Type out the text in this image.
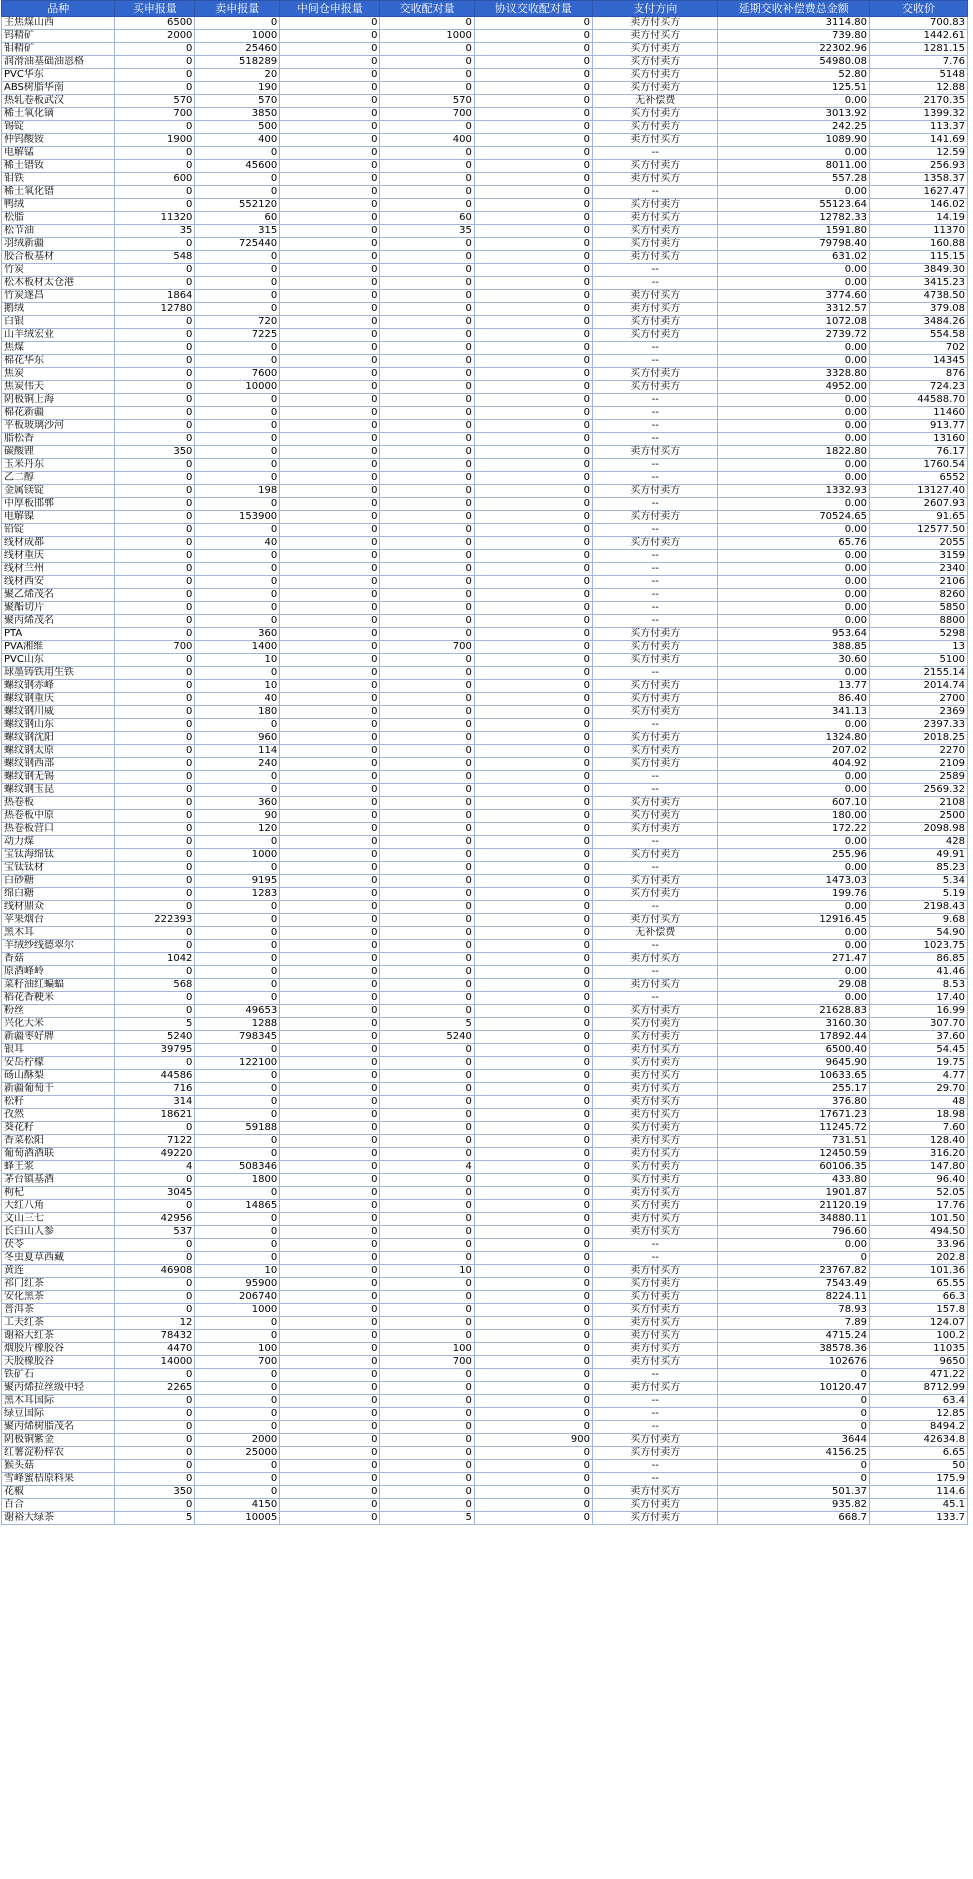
品种	买申报量	卖申报量	中间仓申报量	交收配对量	协议交收配对量	支付方向	延期交收补偿费总金额	交收价
主焦煤山西	6500	0	0	0	0	卖方付买方	3114.80	700.83
钨精矿	2000	1000	0	1000	0	卖方付买方	739.80	1442.61
钼精矿	0	25460	0	0	0	买方付卖方	22302.96	1281.15
润滑油基础油恩格	0	518289	0	0	0	买方付卖方	54980.08	7.76
PVC华东	0	20	0	0	0	买方付卖方	52.80	5148
ABS树脂华南	0	190	0	0	0	买方付卖方	125.51	12.88
热轧卷板武汉	570	570	0	570	0	无补偿费	0.00	2170.35
稀土氧化镝	700	3850	0	700	0	买方付卖方	3013.92	1399.32
锡锭	0	500	0	0	0	买方付卖方	242.25	113.37
仲钨酸铵	1900	400	0	400	0	卖方付买方	1089.90	141.69
电解锰	0	0	0	0	0	--	0.00	12.59
稀土镨钕	0	45600	0	0	0	买方付卖方	8011.00	256.93
钼铁	600	0	0	0	0	卖方付买方	557.28	1358.37
稀土氧化镨	0	0	0	0	0	--	0.00	1627.47
鸭绒	0	552120	0	0	0	买方付卖方	55123.64	146.02
松脂	11320	60	0	60	0	卖方付买方	12782.33	14.19
松节油	35	315	0	35	0	买方付卖方	1591.80	11370
羽绒新疆	0	725440	0	0	0	买方付卖方	79798.40	160.88
胶合板基材	548	0	0	0	0	卖方付买方	631.02	115.15
竹炭	0	0	0	0	0	--	0.00	3849.30
松木板材太仓港	0	0	0	0	0	--	0.00	3415.23
竹炭遂昌	1864	0	0	0	0	卖方付买方	3774.60	4738.50
鹅绒	12780	0	0	0	0	卖方付买方	3312.57	379.08
白银	0	720	0	0	0	买方付卖方	1072.08	3484.26
山羊绒宏业	0	7225	0	0	0	买方付卖方	2739.72	554.58
焦煤	0	0	0	0	0	--	0.00	702
棉花华东	0	0	0	0	0	--	0.00	14345
焦炭	0	7600	0	0	0	买方付卖方	3328.80	876
焦炭伟天	0	10000	0	0	0	买方付卖方	4952.00	724.23
阴极铜上海	0	0	0	0	0	--	0.00	44588.70
棉花新疆	0	0	0	0	0	--	0.00	11460
平板玻璃沙河	0	0	0	0	0	--	0.00	913.77
脂松香	0	0	0	0	0	--	0.00	13160
碳酸锂	350	0	0	0	0	卖方付买方	1822.80	76.17
玉米丹东	0	0	0	0	0	--	0.00	1760.54
乙二醇	0	0	0	0	0	--	0.00	6552
金属镁锭	0	198	0	0	0	买方付卖方	1332.93	13127.40
中厚板邯郸	0	0	0	0	0	--	0.00	2607.93
电解镍	0	153900	0	0	0	买方付卖方	70524.65	91.65
铅锭	0	0	0	0	0	--	0.00	12577.50
线材成都	0	40	0	0	0	买方付卖方	65.76	2055
线材重庆	0	0	0	0	0	--	0.00	3159
线材兰州	0	0	0	0	0	--	0.00	2340
线材西安	0	0	0	0	0	--	0.00	2106
聚乙烯茂名	0	0	0	0	0	--	0.00	8260
聚酯切片	0	0	0	0	0	--	0.00	5850
聚丙烯茂名	0	0	0	0	0	--	0.00	8800
PTA	0	360	0	0	0	买方付卖方	953.64	5298
PVA湘维	700	1400	0	700	0	买方付卖方	388.85	13
PVC山东	0	10	0	0	0	买方付卖方	30.60	5100
球墨铸铁用生铁	0	0	0	0	0	--	0.00	2155.14
螺纹钢赤峰	0	10	0	0	0	买方付卖方	13.77	2014.74
螺纹钢重庆	0	40	0	0	0	买方付卖方	86.40	2700
螺纹钢川威	0	180	0	0	0	买方付卖方	341.13	2369
螺纹钢山东	0	0	0	0	0	--	0.00	2397.33
螺纹钢沈阳	0	960	0	0	0	买方付卖方	1324.80	2018.25
螺纹钢太原	0	114	0	0	0	买方付卖方	207.02	2270
螺纹钢西部	0	240	0	0	0	买方付卖方	404.92	2109
螺纹钢无锡	0	0	0	0	0	--	0.00	2589
螺纹钢玉昆	0	0	0	0	0	--	0.00	2569.32
热卷板	0	360	0	0	0	买方付卖方	607.10	2108
热卷板中原	0	90	0	0	0	买方付卖方	180.00	2500
热卷板营口	0	120	0	0	0	买方付卖方	172.22	2098.98
动力煤	0	0	0	0	0	--	0.00	428
宝钛海绵钛	0	1000	0	0	0	买方付卖方	255.96	49.91
宝钛钛材	0	0	0	0	0	--	0.00	85.23
白砂糖	0	9195	0	0	0	买方付卖方	1473.03	5.34
绵白糖	0	1283	0	0	0	买方付卖方	199.76	5.19
线材鼎众	0	0	0	0	0	--	0.00	2198.43
苹果烟台	222393	0	0	0	0	卖方付买方	12916.45	9.68
黑木耳	0	0	0	0	0	无补偿费	0.00	54.90
羊绒纱线德翠尔	0	0	0	0	0	--	0.00	1023.75
香菇	1042	0	0	0	0	卖方付买方	271.47	86.85
原酒峰岭	0	0	0	0	0	--	0.00	41.46
菜籽油红蝙蝠	568	0	0	0	0	卖方付买方	29.08	8.53
稻花香粳米	0	0	0	0	0	--	0.00	17.40
粉丝	0	49653	0	0	0	买方付卖方	21628.83	16.99
兴化大米	5	1288	0	5	0	买方付卖方	3160.30	307.70
新疆枣好牌	5240	798345	0	5240	0	买方付卖方	17892.44	37.60
银耳	39795	0	0	0	0	卖方付买方	6500.40	54.45
安岳柠檬	0	122100	0	0	0	买方付卖方	9645.90	19.75
砀山酥梨	44586	0	0	0	0	卖方付买方	10633.65	4.77
新疆葡萄干	716	0	0	0	0	卖方付买方	255.17	29.70
松籽	314	0	0	0	0	卖方付买方	376.80	48
孜然	18621	0	0	0	0	卖方付买方	17671.23	18.98
葵花籽	0	59188	0	0	0	买方付卖方	11245.72	7.60
香菜松阳	7122	0	0	0	0	卖方付买方	731.51	128.40
葡萄酒酒联	49220	0	0	0	0	卖方付买方	12450.59	316.20
蜂王浆	4	508346	0	4	0	买方付卖方	60106.35	147.80
茅台镇基酒	0	1800	0	0	0	买方付卖方	433.80	96.40
枸杞	3045	0	0	0	0	卖方付买方	1901.87	52.05
大红八角	0	14865	0	0	0	买方付卖方	21120.19	17.76
文山三七	42956	0	0	0	0	卖方付买方	34880.11	101.50
长白山人参	537	0	0	0	0	卖方付买方	796.60	494.50
茯苓	0	0	0	0	0	--	0.00	33.96
冬虫夏草西藏	0	0	0	0	0	--	0	202.8
黄连	46908	10	0	10	0	卖方付买方	23767.82	101.36
祁门红茶	0	95900	0	0	0	买方付卖方	7543.49	65.55
安化黑茶	0	206740	0	0	0	买方付卖方	8224.11	66.3
普洱茶	0	1000	0	0	0	买方付卖方	78.93	157.8
工夫红茶	12	0	0	0	0	卖方付买方	7.89	124.07
谢裕大红茶	78432	0	0	0	0	卖方付买方	4715.24	100.2
烟胶片橡胶谷	4470	100	0	100	0	卖方付买方	38578.36	11035
天胶橡胶谷	14000	700	0	700	0	卖方付买方	102676	9650
铁矿石	0	0	0	0	0	--	0	471.22
聚丙烯拉丝级中轻	2265	0	0	0	0	卖方付买方	10120.47	8712.99
黑木耳国际	0	0	0	0	0	--	0	63.4
绿豆国际	0	0	0	0	0	--	0	12.85
聚丙烯树脂茂名	0	0	0	0	0	--	0	8494.2
阴极铜紫金	0	2000	0	0	900	买方付卖方	3644	42634.8
红薯淀粉梓农	0	25000	0	0	0	买方付卖方	4156.25	6.65
猴头菇	0	0	0	0	0	--	0	50
雪峰蜜桔原料果	0	0	0	0	0	--	0	175.9
花椒	350	0	0	0	0	卖方付买方	501.37	114.6
百合	0	4150	0	0	0	买方付卖方	935.82	45.1
谢裕大绿茶	5	10005	0	5	0	买方付卖方	668.7	133.7
